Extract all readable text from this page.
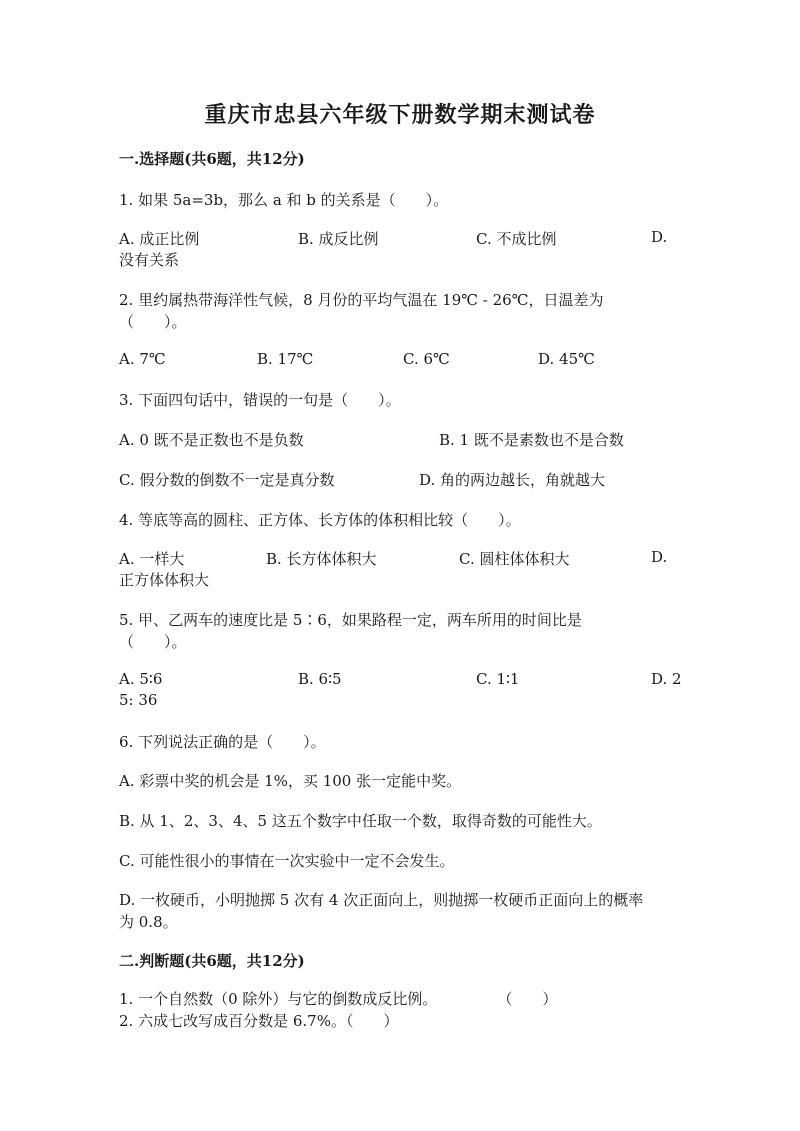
重庆市忠县六年级下册数学期末测试卷
一.选择题(共6题，共12分)
1. 如果 5a=3b，那么 a 和 b 的关系是（　　）。
A. 成正比例	B. 成反比例	C. 不成比例	D.
没有关系
2. 里约属热带海洋性气候，8 月份的平均气温在 19℃ - 26℃，日温差为
（　　）。
A. 7℃	B. 17℃	C. 6℃	D. 45℃
3. 下面四句话中，错误的一句是（　　）。
A. 0 既不是正数也不是负数	B. 1 既不是素数也不是合数
C. 假分数的倒数不一定是真分数	D. 角的两边越长，角就越大
4. 等底等高的圆柱、正方体、长方体的体积相比较（　　）。
A. 一样大	B. 长方体体积大	C. 圆柱体体积大	D.
正方体体积大
5. 甲、乙两车的速度比是 5∶6，如果路程一定，两车所用的时间比是
（　　）。
A. 5∶6	B. 6∶5	C. 1∶1	D. 2
5: 36
6. 下列说法正确的是（　　）。
A. 彩票中奖的机会是 1%，买 100 张一定能中奖。
B. 从 1、2、3、4、5 这五个数字中任取一个数，取得奇数的可能性大。
C. 可能性很小的事情在一次实验中一定不会发生。
D. 一枚硬币，小明抛掷 5 次有 4 次正面向上，则抛掷一枚硬币正面向上的概率
为 0.8。
二.判断题(共6题，共12分)
1. 一个自然数（0 除外）与它的倒数成反比例。　　　　　（　　）
2. 六成七改写成百分数是 6.7%。（　　）
